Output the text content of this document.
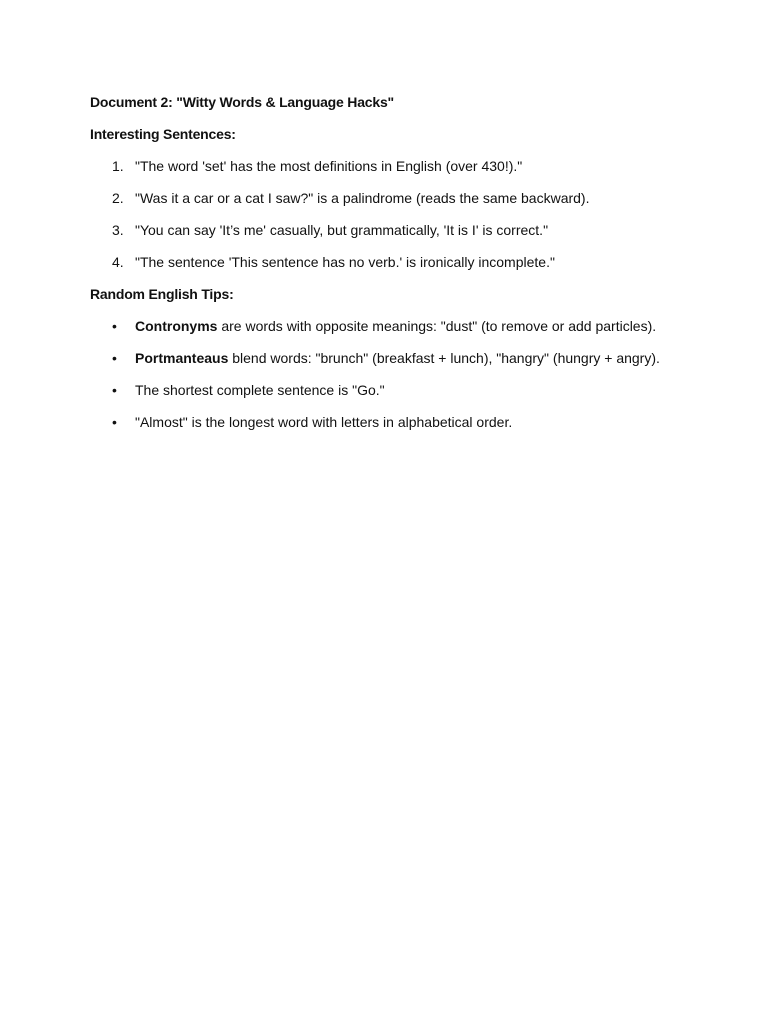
Document 2: "Witty Words & Language Hacks"
Interesting Sentences:
1. "The word 'set' has the most definitions in English (over 430!)."
2. "Was it a car or a cat I saw?" is a palindrome (reads the same backward).
3. "You can say 'It’s me' casually, but grammatically, 'It is I' is correct."
4. "The sentence 'This sentence has no verb.' is ironically incomplete."
Random English Tips:
•	Contronyms are words with opposite meanings: "dust" (to remove or add particles).
•	Portmanteaus blend words: "brunch" (breakfast + lunch), "hangry" (hungry + angry).
•	The shortest complete sentence is "Go."
•	"Almost" is the longest word with letters in alphabetical order.
